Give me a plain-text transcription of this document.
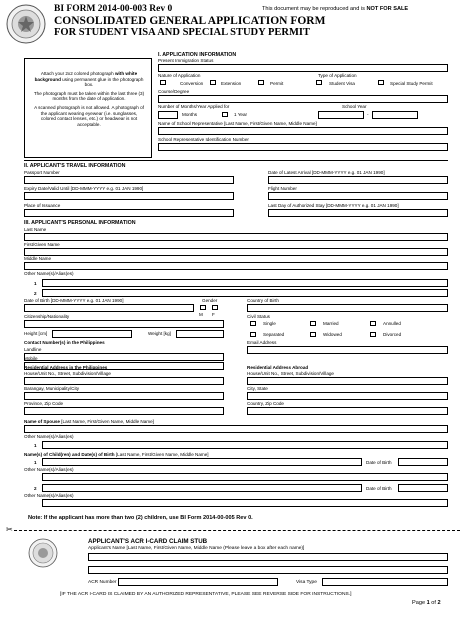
BI FORM 2014-00-003 Rev 0	This document may be reproduced and is NOT FOR SALE
CONSOLIDATED GENERAL APPLICATION FORM
FOR STUDENT VISA AND SPECIAL STUDY PERMIT
Attach your 2x2 colored photograph with white background using permanent glue in the photograph box.
The photograph must be taken within the last three (3) months from the date of application.
A scanned photograph is not allowed. A photograph of the applicant wearing eyewear (i.e. sunglasses, colored contact lenses, etc.) or headwear is not acceptable.
I. APPLICATION INFORMATION
Present Immigration Status
Nature of Application	Type of Application
Conversion	Extension	Permit	Student Visa	Special Study Permit
Course/Degree
Number of Months/Year Applied for	School Year
Months	1 Year	-
Name of School Representative [Last Name, First/Given Name, Middle Name]
School Representative Identification Number
II. APPLICANT'S TRAVEL INFORMATION
Passport Number	Date of Latest Arrival [DD-MMM-YYYY e.g. 01 JAN 1990]
Expiry Date/Valid Until [DD-MMM-YYYY e.g. 01 JAN 1990]	Flight Number
Place of Issuance	Last Day of Authorized Stay [DD-MMM-YYYY e.g. 01 JAN 1990]
III. APPLICANT'S PERSONAL INFORMATION
Last Name
First/Given Name
Middle Name
Other Name(s)/Alias(es)
1
2
Date of Birth [DD-MMM-YYYY e.g. 01 JAN 1990]	Gender
M F
Country of Birth
Citizenship/Nationality	Civil Status
Single	Married	Annulled
Separated	Widowed	Divorced
Height [cm]	Weight [kg]
Contact Number(s) in the Philippines	Email Address
Landline
Mobile
Residential Address in the Philippines	Residential Address Abroad
House/Unit No., Street, Subdivision/Village	House/Unit No., Street, Subdivision/Village
Barangay, Municipality/City	City, State
Province, Zip Code	Country, Zip Code
Name of Spouse [Last Name, First/Given Name, Middle Name]
Other Name(s)/Alias(es)
1
Name(s) of Child(ren) and Date(s) of Birth [Last Name, First/Given Name, Middle Name]
1	Date of Birth
Other Name(s)/Alias(es)
2	Date of Birth
Other Name(s)/Alias(es)
Note: If the applicant has more than two (2) children, use BI Form 2014-00-005 Rev 0.
✂
APPLICANT'S ACR I-CARD CLAIM STUB
Applicant's Name [Last Name, First/Given Name, Middle Name (Please leave a box after each name)]
ACR Number	Visa Type
[IF THE ACR I-CARD IS CLAIMED BY AN AUTHORIZED REPRESENTATIVE, PLEASE SEE REVERSE SIDE FOR INSTRUCTIONS.]
Page 1 of 2
